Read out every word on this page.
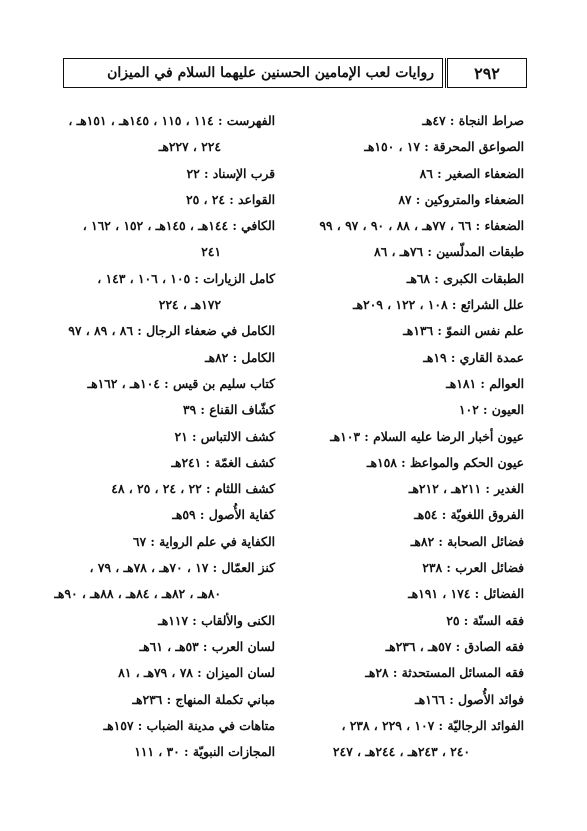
٢٩٢
روايات لعب الإمامين الحسنين عليهما السلام في الميزان
صراط النجاة : ٤٧هـ
الصواعق المحرقة : ١٧ ، ١٥٠هـ
الضعفاء الصغير : ٨٦
الضعفاء والمتروكين : ٨٧
الضعفاء : ٦٦ ، ٧٧هـ ، ٨٨ ، ٩٠ ، ٩٧ ، ٩٩
طبقات المدلّسين : ٧٦هـ ، ٨٦
الطبقات الكبرى : ٦٨هـ
علل الشرائع : ١٠٨ ، ١٢٢ ، ٢٠٩هـ
علم نفس النموّ : ١٣٦هـ
عمدة القاري : ١٩هـ
العوالم : ١٨١هـ
العيون : ١٠٢
عيون أخبار الرضا عليه السلام : ١٠٣هـ
عيون الحكم والمواعظ : ١٥٨هـ
الغدير : ٢١١هـ ، ٢١٢هـ
الفروق اللغويّة : ٥٤هـ
فضائل الصحابة : ٨٢هـ
فضائل العرب : ٢٣٨
الفضائل : ١٧٤ ، ١٩١هـ
فقه السنّة : ٢٥
فقه الصادق : ٥٧هـ ، ٢٣٦هـ
فقه المسائل المستحدثة : ٢٨هـ
فوائد الأُصول : ١٦٦هـ
الفوائد الرجاليّة : ١٠٧ ، ٢٢٩ ، ٢٣٨ ،
٢٤٠ ، ٢٤٣هـ ، ٢٤٤هـ ، ٢٤٧
الفهرست : ١١٤ ، ١١٥ ، ١٤٥هـ ، ١٥١هـ ،
٢٢٤ ، ٢٢٧هـ
قرب الإسناد : ٢٢
القواعد : ٢٤ ، ٢٥
الكافي : ١٤٤هـ ، ١٤٥هـ ، ١٥٢ ، ١٦٢ ،
٢٤١
كامل الزيارات : ١٠٥ ، ١٠٦ ، ١٤٣ ،
١٧٢هـ ، ٢٢٤
الكامل في ضعفاء الرجال : ٨٦ ، ٨٩ ، ٩٧
الكامل : ٨٢هـ
كتاب سليم بن قيس : ١٠٤هـ ، ١٦٢هـ
كشّاف القناع : ٣٩
كشف الالتباس : ٢١
كشف الغمّة : ٢٤١هـ
كشف اللثام : ٢٢ ، ٢٤ ، ٢٥ ، ٤٨
كفاية الأُصول : ٥٩هـ
الكفاية في علم الرواية : ٦٧
كنز العمّال : ١٧ ، ٧٠هـ ، ٧٨هـ ، ٧٩ ،
٨٠هـ ، ٨٢هـ ، ٨٤هـ ، ٨٨هـ ، ٩٠هـ
الكنى والألقاب : ١١٧هـ
لسان العرب : ٥٣هـ ، ٦١هـ
لسان الميزان : ٧٨ ، ٧٩هـ ، ٨١
مباني تكملة المنهاج : ٢٣٦هـ
متاهات في مدينة الضباب : ١٥٧هـ
المجازات النبويّة : ٣٠ ، ١١١
